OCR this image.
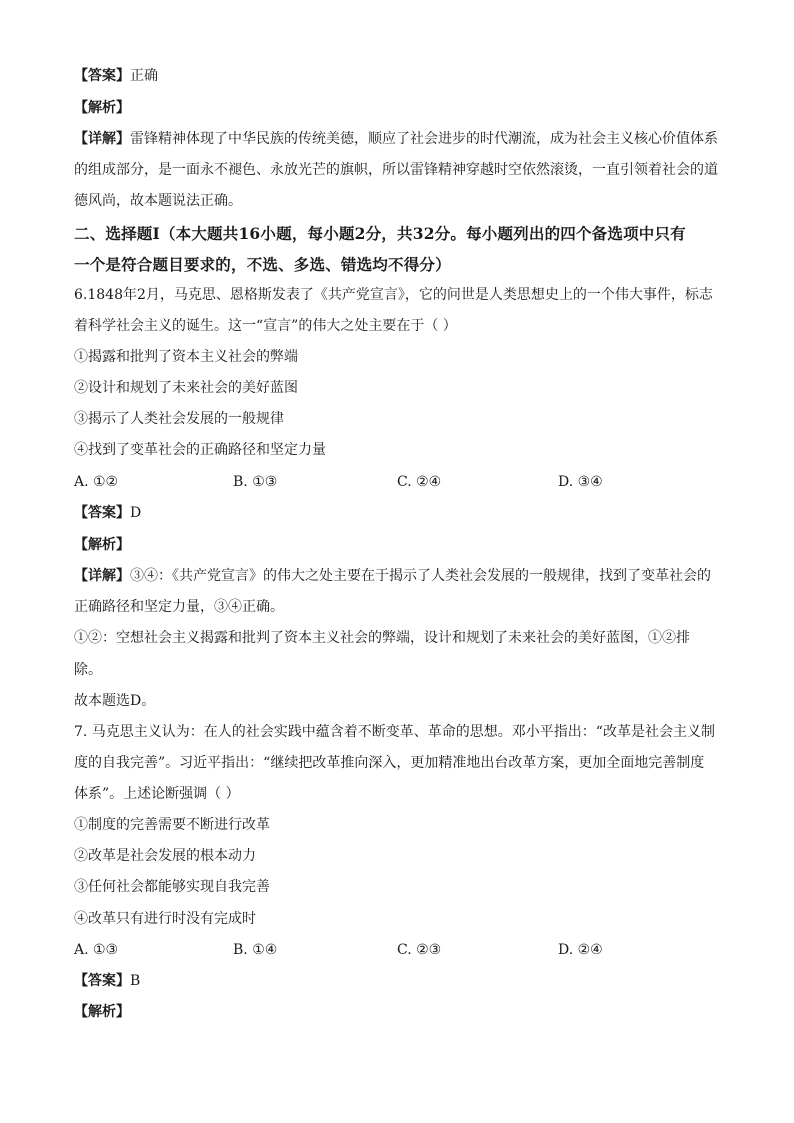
【答案】正确
【解析】
【详解】雷锋精神体现了中华民族的传统美德，顺应了社会进步的时代潮流，成为社会主义核心价值体系
的组成部分，是一面永不褪色、永放光芒的旗帜，所以雷锋精神穿越时空依然滚烫，一直引领着社会的道
德风尚，故本题说法正确。
二、选择题Ⅰ（本大题共16小题，每小题2分，共32分。每小题列出的四个备选项中只有
一个是符合题目要求的，不选、多选、错选均不得分）
6.1848年2月，马克思、恩格斯发表了《共产党宣言》，它的问世是人类思想史上的一个伟大事件，标志
着科学社会主义的诞生。这一“宣言”的伟大之处主要在于（ ）
①揭露和批判了资本主义社会的弊端
②设计和规划了未来社会的美好蓝图
③揭示了人类社会发展的一般规律
④找到了变革社会的正确路径和坚定力量
A. ①②	B. ①③	C. ②④	D. ③④
【答案】D
【解析】
【详解】③④：《共产党宣言》的伟大之处主要在于揭示了人类社会发展的一般规律，找到了变革社会的
正确路径和坚定力量，③④正确。
①②：空想社会主义揭露和批判了资本主义社会的弊端，设计和规划了未来社会的美好蓝图，①②排
除。
故本题选D。
7. 马克思主义认为：在人的社会实践中蕴含着不断变革、革命的思想。邓小平指出：“改革是社会主义制
度的自我完善”。习近平指出：“继续把改革推向深入，更加精准地出台改革方案，更加全面地完善制度
体系”。上述论断强调（ ）
①制度的完善需要不断进行改革
②改革是社会发展的根本动力
③任何社会都能够实现自我完善
④改革只有进行时没有完成时
A. ①③	B. ①④	C. ②③	D. ②④
【答案】B
【解析】
